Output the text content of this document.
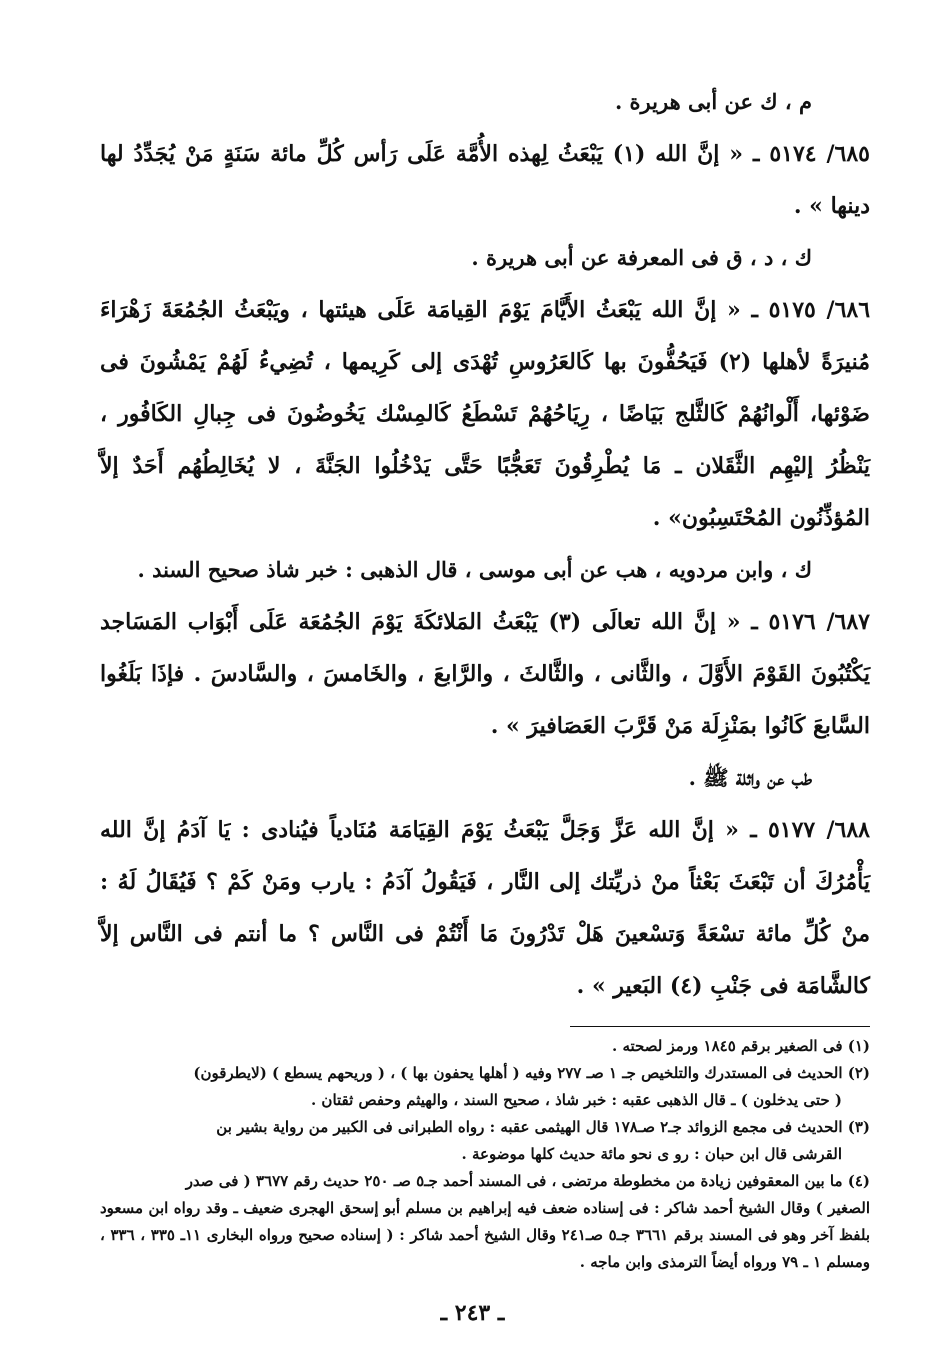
م ، ك عن أبى هريرة .

٦٨٥/ ٥١٧٤ ـ « إنَّ الله (١) يَبْعَثُ لِهذه الأُمَّة عَلَى رَأس كُلِّ مائة سَنَةٍ مَنْ يُجَدِّدُ لها دينها » .

ك ، د ، ق فى المعرفة عن أبى هريرة .

٦٨٦/ ٥١٧٥ ـ « إنَّ الله يَبْعَثُ الأَيَّامَ يَوْمَ القِيامَة عَلَى هيئتها ، ويَبْعَثُ الجُمُعَةَ زَهْرَاءَ مُنيرَةً لأهلها (٢) فَيَحُفُّونَ بها كَالعَرُوسِ تُهْدَى إلى كَرِيمها ، تُضِيءُ لَهُمْ يَمْشُونَ فى ضَوْئها، أَلْوانُهُمْ كَالثَّلج بَيَاضًا ، رِيَاحُهُمْ تَسْطَعُ كَالمِسْك يَخُوضُونَ فى جِبالِ الكَافُور ، يَنْظُرُ إليْهِم الثَّقَلان ـ مَا يُطْرِقُونَ تَعَجُّبًا حَتَّى يَدْخُلُوا الجَنَّةَ ، لا يُخَالِطُهُم أَحَدٌ إلاَّ المُؤذِّنُون المُحْتَسِبُون» .

ك ، وابن مردويه ، هب عن أبى موسى ، قال الذهبى : خبر شاذ صحيح السند .

٦٨٧/ ٥١٧٦ ـ « إنَّ الله تعالَى (٣) يَبْعَثُ المَلائكَةَ يَوْمَ الجُمُعَة عَلَى أَبْوَاب المَسَاجد يَكْتُبُونَ القَوْمَ الأَوَّلَ ، والثَّانى ، والثَّالثَ ، والرَّابعَ ، والخَامسَ ، والسَّادسَ . فإذَا بَلَغُوا السَّابعَ كَانُوا بمَنْزِلَة مَنْ قَرَّبَ العَصَافيرَ » .

طب عن واثلة ﷺ .

٦٨٨/ ٥١٧٧ ـ « إنَّ الله عَزَّ وَجَلَّ يَبْعَثُ يَوْمَ القِيَامَة مُنَادياً فيُنادى : يَا آدَمُ إنَّ الله يَأْمُرُكَ أن تَبْعَثَ بَعْثاً منْ ذريِّتك إلى النَّار ، فَيَقُولُ آدَمُ : يارب ومَنْ كَمْ ؟ فَيُقَالُ لَهُ : منْ كُلِّ مائة تسْعَةً وَتسْعينَ هَلْ تَدْرُونَ مَا أَنْتُمْ فى النَّاس ؟ ما أنتم فى النَّاس إلاَّ كالشَّامَة فى جَنْبِ (٤) البَعير » .

(١) فى الصغير برقم ١٨٤٥ ورمز لصحته .

(٢) الحديث فى المستدرك والتلخيص جـ ١ صـ ٢٧٧ وفيه ( أهلها يحفون بها ) ، ( وريحهم يسطع ) (لايطرقون)

( حتى يدخلون ) ـ قال الذهبى عقبه : خبر شاذ ، صحيح السند ، والهيثم وحفص ثقتان .

(٣) الحديث فى مجمع الزوائد جـ٢ صـ١٧٨ قال الهيثمى عقبه : رواه الطبرانى فى الكبير من رواية بشير بن

القرشى قال ابن حبان : رو ى نحو مائة حديث كلها موضوعة .

(٤) ما بين المعقوفين زيادة من مخطوطة مرتضى ، فى المسند أحمد جـ٥ صـ ٢٥٠ حديث رقم ٣٦٧٧ ( فى صدر

الصغير ) وقال الشيخ أحمد شاكر : فى إسناده ضعف فيه إبراهيم بن مسلم أبو إسحق الهجرى ضعيف ـ وقد رواه ابن مسعود بلفظ آخر وهو فى المسند برقم ٣٦٦١ جـ٥ صـ٢٤١ وقال الشيخ أحمد شاكر : ( إسناده صحيح ورواه البخارى ١١ـ ٣٣٥ ، ٣٣٦ ، ومسلم ١ ـ ٧٩ ورواه أيضاً الترمذى وابن ماجه .

ـ ٢٤٣ ـ
